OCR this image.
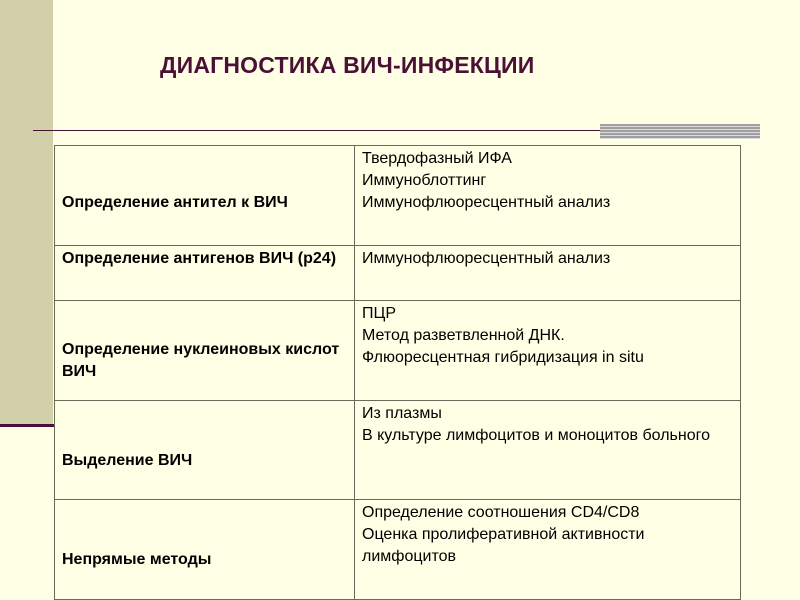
ДИАГНОСТИКА ВИЧ-ИНФЕКЦИИ
Определение антител к ВИЧ	Твердофазный ИФА
Иммуноблоттинг
Иммунофлюоресцентный анализ

Определение антигенов ВИЧ (р24)	Иммунофлюоресцентный анализ

Определение нуклеиновых кислот ВИЧ	ПЦР
Метод разветвленной ДНК.
Флюоресцентная гибридизация in situ

Выделение ВИЧ	Из плазмы
В культуре лимфоцитов и моноцитов больного

Непрямые методы	Определение соотношения CD4/CD8
Оценка пролиферативной активности лимфоцитов
